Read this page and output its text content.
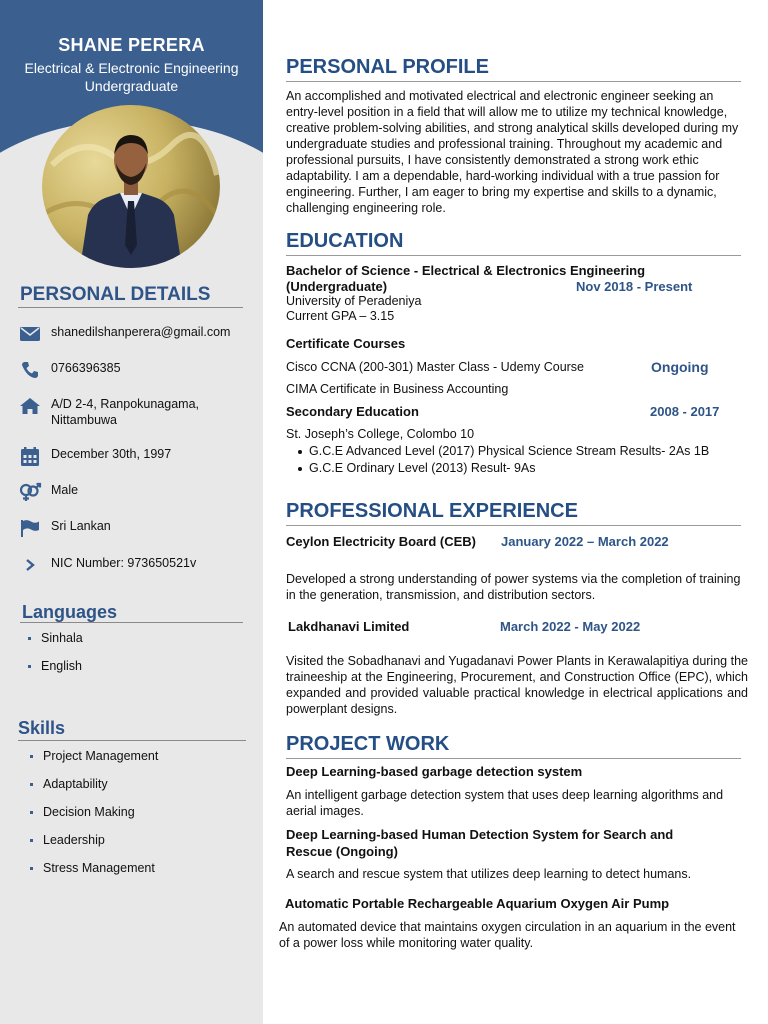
SHANE PERERA
Electrical & Electronic Engineering
Undergraduate
PERSONAL DETAILS
shanedilshanperera@gmail.com
0766396385
A/D 2-4, Ranpokunagama,
Nittambuwa
December 30th, 1997
Male
Sri Lankan
NIC Number: 973650521v
Languages
Sinhala
English
Skills
Project Management
Adaptability
Decision Making
Leadership
Stress Management
PERSONAL PROFILE
An accomplished and motivated electrical and electronic engineer seeking an entry-level position in a field that will allow me to utilize my technical knowledge, creative problem-solving abilities, and strong analytical skills developed during my undergraduate studies and professional training. Throughout my academic and professional pursuits, I have consistently demonstrated a strong work ethic adaptability. I am a dependable, hard-working individual with a true passion for engineering. Further, I am eager to bring my expertise and skills to a dynamic, challenging engineering role.
EDUCATION
Bachelor of Science - Electrical & Electronics Engineering
(Undergraduate)	Nov 2018 - Present
University of Peradeniya
Current GPA – 3.15
Certificate Courses
Cisco CCNA (200-301) Master Class - Udemy Course	Ongoing
CIMA Certificate in Business Accounting
Secondary Education	2008 - 2017
St. Joseph’s College, Colombo 10
G.C.E Advanced Level (2017) Physical Science Stream Results- 2As 1B
G.C.E Ordinary Level (2013) Result- 9As
PROFESSIONAL EXPERIENCE
Ceylon Electricity Board (CEB) January 2022 – March 2022
Developed a strong understanding of power systems via the completion of training in the generation, transmission, and distribution sectors.
Lakdhanavi Limited	March 2022 - May 2022
Visited the Sobadhanavi and Yugadanavi Power Plants in Kerawalapitiya during the traineeship at the Engineering, Procurement, and Construction Office (EPC), which expanded and provided valuable practical knowledge in electrical applications and powerplant designs.
PROJECT WORK
Deep Learning-based garbage detection system
An intelligent garbage detection system that uses deep learning algorithms and aerial images.
Deep Learning-based Human Detection System for Search and
Rescue (Ongoing)
A search and rescue system that utilizes deep learning to detect humans.
Automatic Portable Rechargeable Aquarium Oxygen Air Pump
An automated device that maintains oxygen circulation in an aquarium in the event of a power loss while monitoring water quality.
